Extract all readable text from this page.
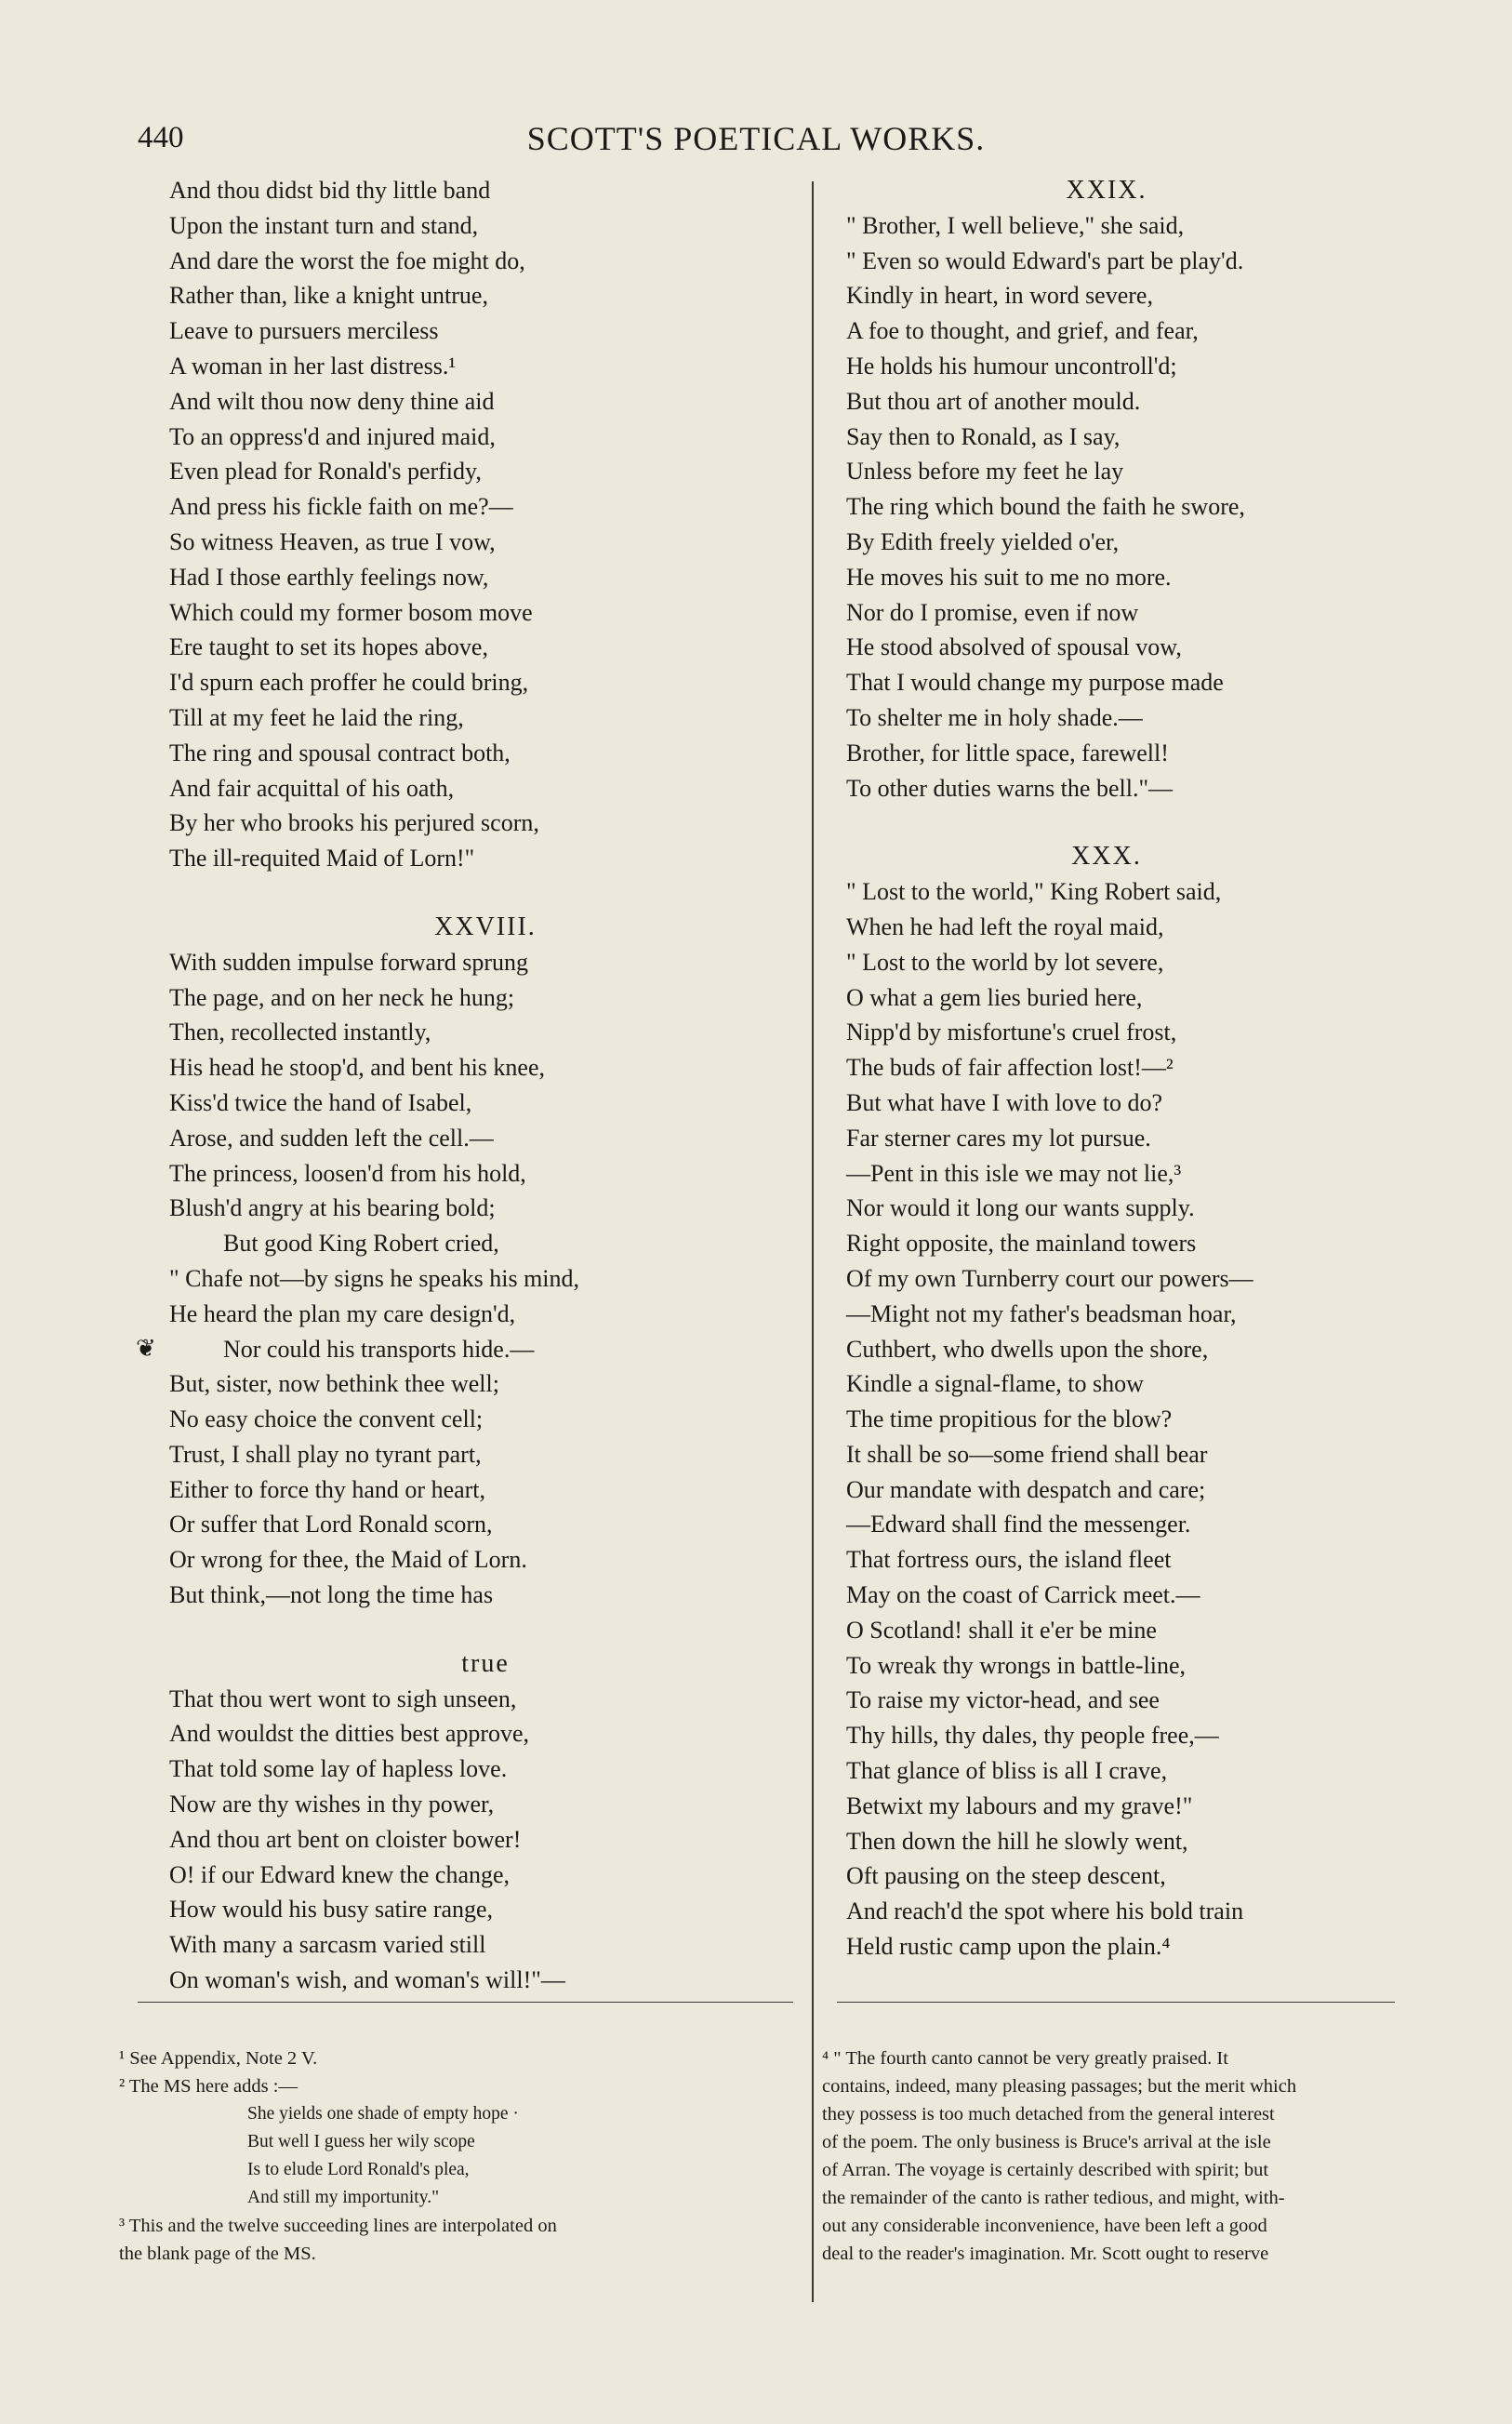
440	SCOTT'S POETICAL WORKS.
And thou didst bid thy little band
Upon the instant turn and stand,
And dare the worst the foe might do,
Rather than, like a knight untrue,
Leave to pursuers merciless
A woman in her last distress.¹
And wilt thou now deny thine aid
To an oppress'd and injured maid,
Even plead for Ronald's perfidy,
And press his fickle faith on me?—
So witness Heaven, as true I vow,
Had I those earthly feelings now,
Which could my former bosom move
Ere taught to set its hopes above,
I'd spurn each proffer he could bring,
Till at my feet he laid the ring,
The ring and spousal contract both,
And fair acquittal of his oath,
By her who brooks his perjured scorn,
The ill-requited Maid of Lorn!"
XXVIII.
With sudden impulse forward sprung
The page, and on her neck he hung;
Then, recollected instantly,
His head he stoop'd, and bent his knee,
Kiss'd twice the hand of Isabel,
Arose, and sudden left the cell.—
The princess, loosen'd from his hold,
Blush'd angry at his bearing bold;
But good King Robert cried,
" Chafe not—by signs he speaks his mind,
He heard the plan my care design'd,
Nor could his transports hide.—
But, sister, now bethink thee well;
No easy choice the convent cell;
Trust, I shall play no tyrant part,
Either to force thy hand or heart,
Or suffer that Lord Ronald scorn,
Or wrong for thee, the Maid of Lorn.
But think,—not long the time has
true
That thou wert wont to sigh unseen,
And wouldst the ditties best approve,
That told some lay of hapless love.
Now are thy wishes in thy power,
And thou art bent on cloister bower!
O! if our Edward knew the change,
How would his busy satire range,
With many a sarcasm varied still
On woman's wish, and woman's will!"—
XXIX.
" Brother, I well believe," she said,
" Even so would Edward's part be play'd.
Kindly in heart, in word severe,
A foe to thought, and grief, and fear,
He holds his humour uncontroll'd;
But thou art of another mould.
Say then to Ronald, as I say,
Unless before my feet he lay
The ring which bound the faith he swore,
By Edith freely yielded o'er,
He moves his suit to me no more.
Nor do I promise, even if now
He stood absolved of spousal vow,
That I would change my purpose made
To shelter me in holy shade.—
Brother, for little space, farewell!
To other duties warns the bell."—
XXX.
" Lost to the world," King Robert said,
When he had left the royal maid,
" Lost to the world by lot severe,
O what a gem lies buried here,
Nipp'd by misfortune's cruel frost,
The buds of fair affection lost!—²
But what have I with love to do?
Far sterner cares my lot pursue.
—Pent in this isle we may not lie,³
Nor would it long our wants supply.
Right opposite, the mainland towers
Of my own Turnberry court our powers—
—Might not my father's beadsman hoar,
Cuthbert, who dwells upon the shore,
Kindle a signal-flame, to show
The time propitious for the blow?
It shall be so—some friend shall bear
Our mandate with despatch and care;
—Edward shall find the messenger.
That fortress ours, the island fleet
May on the coast of Carrick meet.—
O Scotland! shall it e'er be mine
To wreak thy wrongs in battle-line,
To raise my victor-head, and see
Thy hills, thy dales, thy people free,—
That glance of bliss is all I crave,
Betwixt my labours and my grave!"
Then down the hill he slowly went,
Oft pausing on the steep descent,
And reach'd the spot where his bold train
Held rustic camp upon the plain.⁴
❦

¹ See Appendix, Note 2 V.

² The MS here adds :—

She yields one shade of empty hope ·

But well I guess her wily scope

Is to elude Lord Ronald's plea,

And still my importunity."

³ This and the twelve succeeding lines are interpolated on

the blank page of the MS.

⁴ " The fourth canto cannot be very greatly praised. It

contains, indeed, many pleasing passages; but the merit which

they possess is too much detached from the general interest

of the poem. The only business is Bruce's arrival at the isle

of Arran. The voyage is certainly described with spirit; but

the remainder of the canto is rather tedious, and might, with-

out any considerable inconvenience, have been left a good

deal to the reader's imagination. Mr. Scott ought to reserve
